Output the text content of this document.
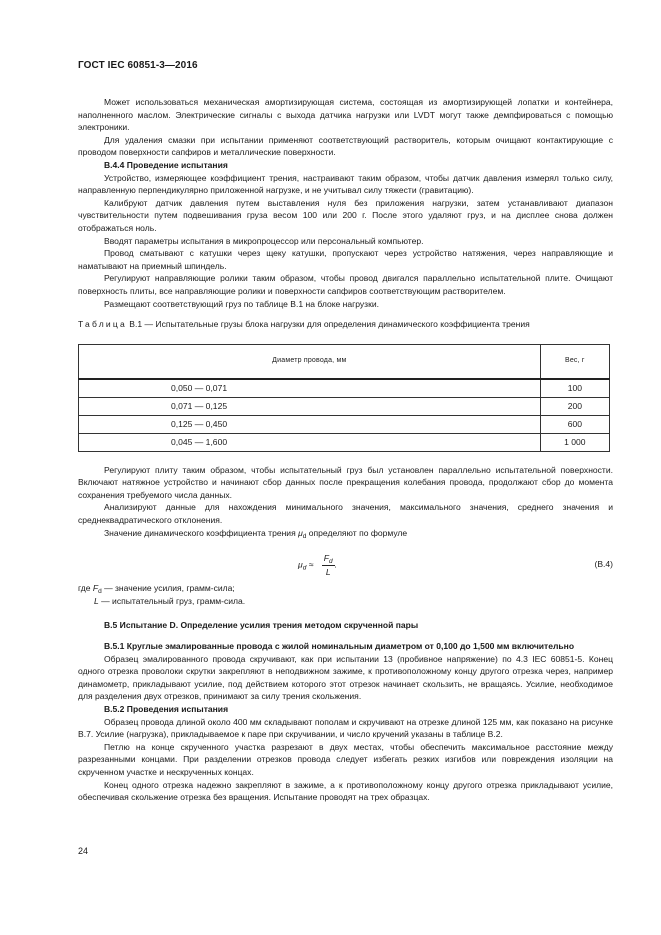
ГОСТ IEC 60851-3—2016

Может использоваться механическая амортизирующая система, состоящая из амортизирующей лопатки и контейнера, наполненного маслом. Электрические сигналы с выхода датчика нагрузки или LVDT могут также демпфироваться с помощью электроники.

Для удаления смазки при испытании применяют соответствующий растворитель, которым очищают контактирующие с проводом поверхности сапфиров и металлические поверхности.

В.4.4 Проведение испытания

Устройство, измеряющее коэффициент трения, настраивают таким образом, чтобы датчик давления измерял только силу, направленную перпендикулярно приложенной нагрузке, и не учитывал силу тяжести (гравитацию).

Калибруют датчик давления путем выставления нуля без приложения нагрузки, затем устанавливают диапазон чувствительности путем подвешивания груза весом 100 или 200 г. После этого удаляют груз, и на дисплее снова должен отображаться ноль.

Вводят параметры испытания в микропроцессор или персональный компьютер.

Провод сматывают с катушки через щеку катушки, пропускают через устройство натяжения, через направляющие и наматывают на приемный шпиндель.

Регулируют направляющие ролики таким образом, чтобы провод двигался параллельно испытательной плите. Очищают поверхность плиты, все направляющие ролики и поверхности сапфиров соответствующим растворителем.

Размещают соответствующий груз по таблице В.1 на блоке нагрузки.

Таблица В.1 — Испытательные грузы блока нагрузки для определения динамического коэффициента трения

Диаметр провода, мм	Вес, г
0,050 — 0,071	100
0,071 — 0,125	200
0,125 — 0,450	600
0,045 — 1,600	1 000

Регулируют плиту таким образом, чтобы испытательный груз был установлен параллельно испытательной поверхности. Включают натяжное устройство и начинают сбор данных после прекращения колебания провода, продолжают сбор до момента сохранения требуемого числа данных.

Анализируют данные для нахождения минимального значения, максимального значения, среднего значения и среднеквадратического отклонения.

Значение динамического коэффициента трения $\mu_d$ определяют по формуле

$\mu_d \approx \frac{F_d}{L}$ .	(В.4)

где $F_d$ — значение усилия, грамм-сила;

L — испытательный груз, грамм-сила.

В.5 Испытание D. Определение усилия трения методом скрученной пары
В.5.1 Круглые эмалированные провода с жилой номинальным диаметром от 0,100 до 1,500 мм включительно

Образец эмалированного провода скручивают, как при испытании 13 (пробивное напряжение) по 4.3 IEC 60851-5. Конец одного отрезка проволоки скрутки закрепляют в неподвижном зажиме, к противоположному концу другого отрезка через, например динамометр, прикладывают усилие, под действием которого этот отрезок начинает скользить, не вращаясь. Усилие, необходимое для разделения двух отрезков, принимают за силу трения скольжения.

В.5.2 Проведения испытания

Образец провода длиной около 400 мм складывают пополам и скручивают на отрезке длиной 125 мм, как показано на рисунке В.7. Усилие (нагрузка), прикладываемое к паре при скручивании, и число кручений указаны в таблице В.2.

Петлю на конце скрученного участка разрезают в двух местах, чтобы обеспечить максимальное расстояние между разрезанными концами. При разделении отрезков провода следует избегать резких изгибов или повреждения изоляции на скрученном участке и нескрученных концах.

Конец одного отрезка надежно закрепляют в зажиме, а к противоположному концу другого отрезка прикладывают усилие, обеспечивая скольжение отрезка без вращения. Испытание проводят на трех образцах.

24
